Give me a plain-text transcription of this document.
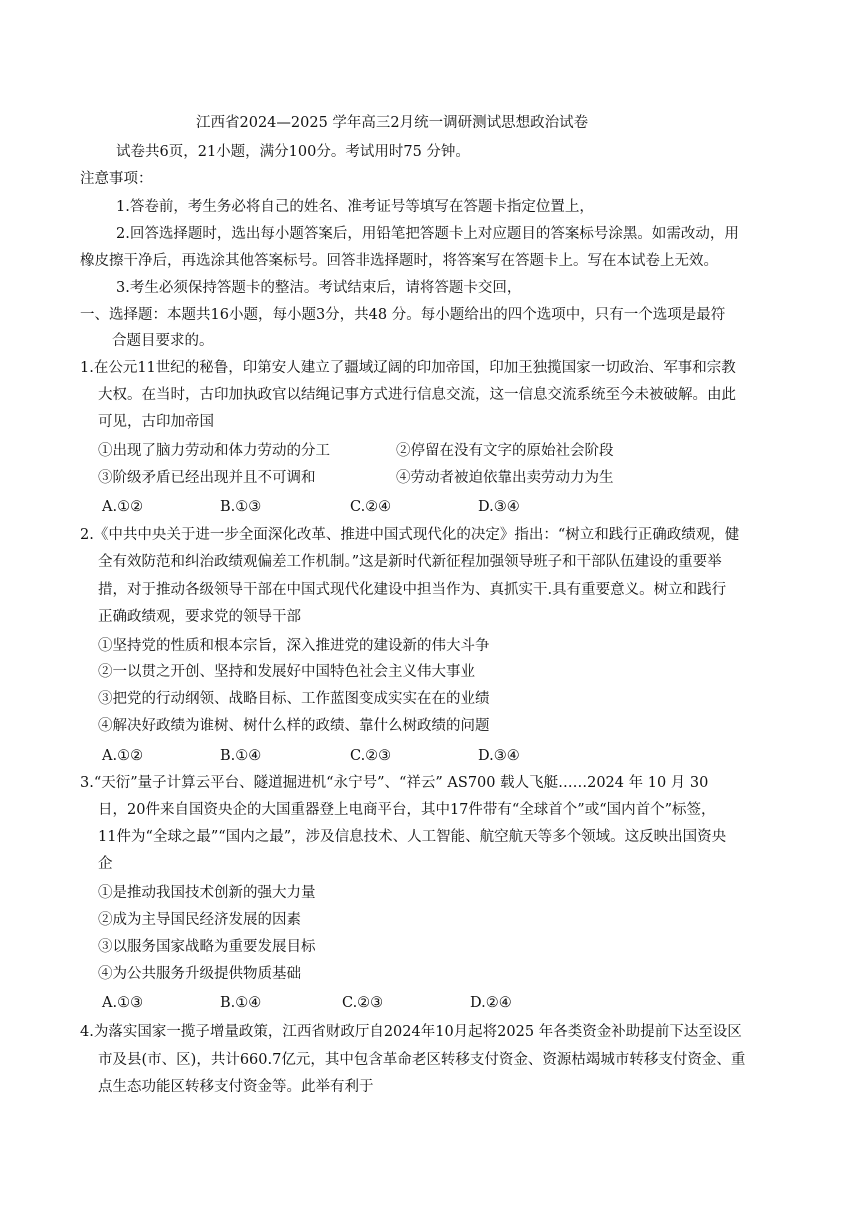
江西省2024—2025 学年高三2月统一调研测试思想政治试卷
试卷共6页，21小题，满分100分。考试用时75 分钟。
注意事项：
1.答卷前，考生务必将自己的姓名、准考证号等填写在答题卡指定位置上，
2.回答选择题时，选出每小题答案后，用铅笔把答题卡上对应题目的答案标号涂黑。如需改动，用
橡皮擦干净后，再选涂其他答案标号。回答非选择题时，将答案写在答题卡上。写在本试卷上无效。
3.考生必须保持答题卡的整洁。考试结束后，请将答题卡交回，
一、选择题：本题共16小题，每小题3分，共48 分。每小题给出的四个选项中，只有一个选项是最符
合题目要求的。
1.在公元11世纪的秘鲁，印第安人建立了疆域辽阔的印加帝国，印加王独揽国家一切政治、军事和宗教
大权。在当时，古印加执政官以结绳记事方式进行信息交流，这一信息交流系统至今未被破解。由此
可见，古印加帝国
①出现了脑力劳动和体力劳动的分工	②停留在没有文字的原始社会阶段
③阶级矛盾已经出现并且不可调和	④劳动者被迫依靠出卖劳动力为生
A.①②	B.①③	C.②④	D.③④
2.《中共中央关于进一步全面深化改革、推进中国式现代化的决定》指出：“树立和践行正确政绩观，健
全有效防范和纠治政绩观偏差工作机制。”这是新时代新征程加强领导班子和干部队伍建设的重要举
措，对于推动各级领导干部在中国式现代化建设中担当作为、真抓实干.具有重要意义。树立和践行
正确政绩观，要求党的领导干部
①坚持党的性质和根本宗旨，深入推进党的建设新的伟大斗争
②一以贯之开创、坚持和发展好中国特色社会主义伟大事业
③把党的行动纲领、战略目标、工作蓝图变成实实在在的业绩
④解决好政绩为谁树、树什么样的政绩、靠什么树政绩的问题
A.①②	B.①④	C.②③	D.③④
3.“天衍”量子计算云平台、隧道掘进机“永宁号”、“祥云” AS700 载人飞艇……2024 年 10 月 30
日，20件来自国资央企的大国重器登上电商平台，其中17件带有“全球首个”或“国内首个”标签，
11件为“全球之最”“国内之最”，涉及信息技术、人工智能、航空航天等多个领域。这反映出国资央
企
①是推动我国技术创新的强大力量
②成为主导国民经济发展的因素
③以服务国家战略为重要发展目标
④为公共服务升级提供物质基础
A.①③	B.①④	C.②③	D.②④
4.为落实国家一揽子增量政策，江西省财政厅自2024年10月起将2025 年各类资金补助提前下达至设区
市及县(市、区)，共计660.7亿元，其中包含革命老区转移支付资金、资源枯竭城市转移支付资金、重
点生态功能区转移支付资金等。此举有利于
